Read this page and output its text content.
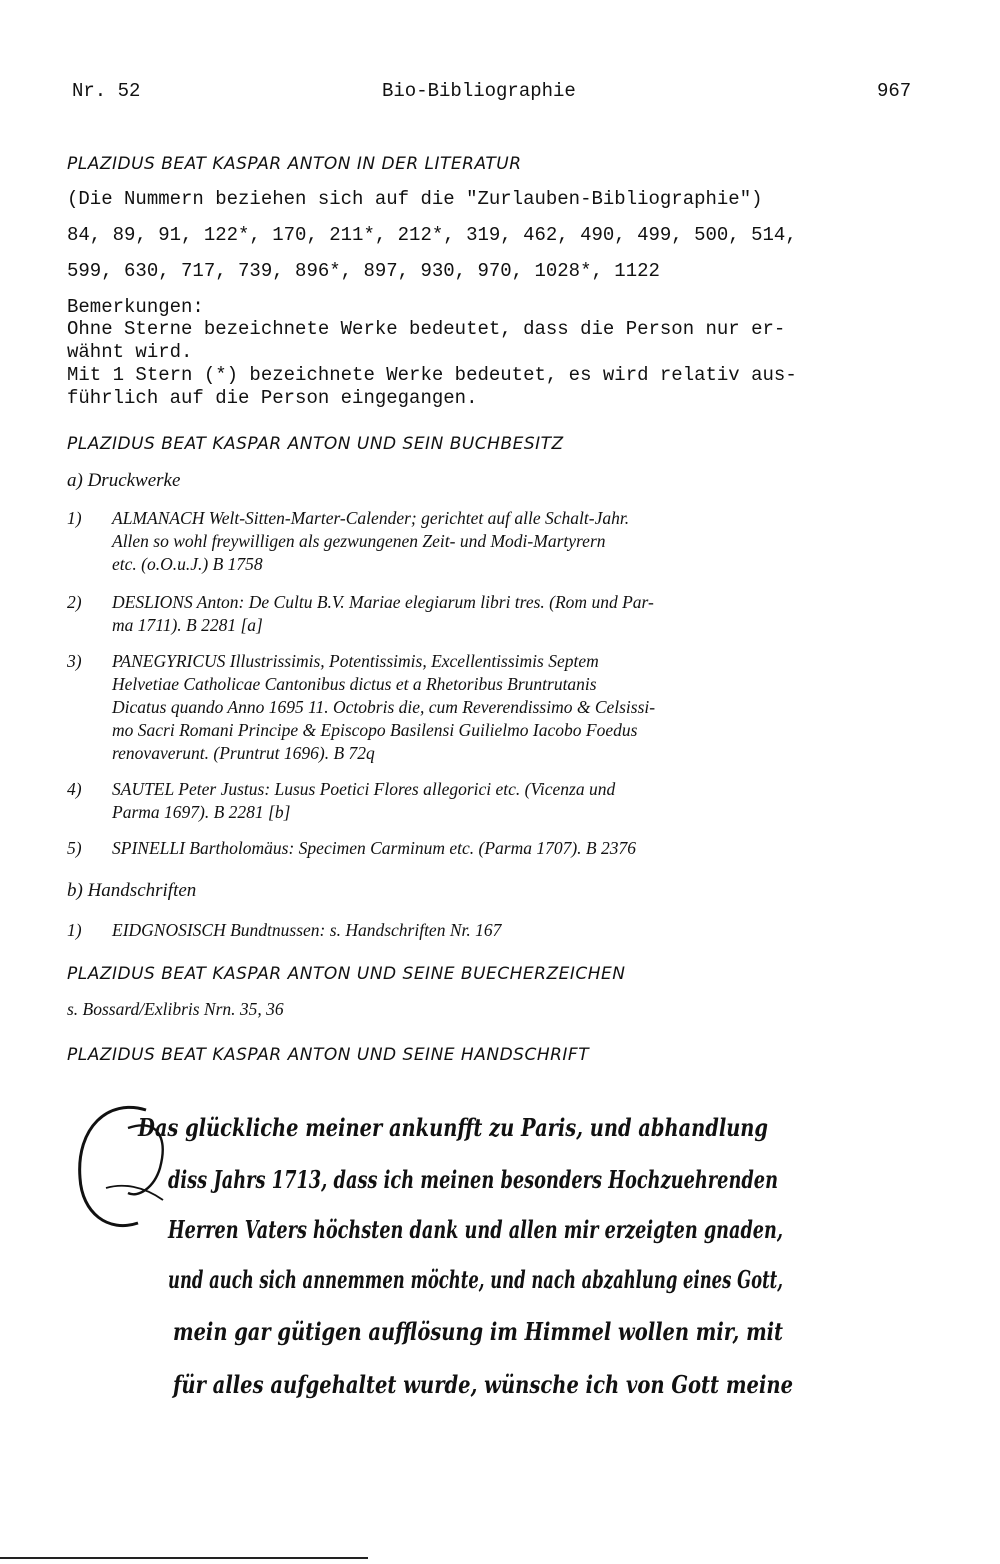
Nr. 52	Bio-Bibliographie	967
PLAZIDUS BEAT KASPAR ANTON IN DER LITERATUR
(Die Nummern beziehen sich auf die "Zurlauben-Bibliographie")
84, 89, 91, 122*, 170, 211*, 212*, 319, 462, 490, 499, 500, 514,
599, 630, 717, 739, 896*, 897, 930, 970, 1028*, 1122
Bemerkungen:
Ohne Sterne bezeichnete Werke bedeutet, dass die Person nur er-
wähnt wird.
Mit 1 Stern (*) bezeichnete Werke bedeutet, es wird relativ aus-
führlich auf die Person eingegangen.
PLAZIDUS BEAT KASPAR ANTON UND SEIN BUCHBESITZ
a) Druckwerke
1) ALMANACH Welt-Sitten-Marter-Calender; gerichtet auf alle Schalt-Jahr.
Allen so wohl freywilligen als gezwungenen Zeit- und Modi-Martyrern
etc. (o.O.u.J.) B 1758
2) DESLIONS Anton: De Cultu B.V. Mariae elegiarum libri tres. (Rom und Par-
ma 1711). B 2281 [a]
3) PANEGYRICUS Illustrissimis, Potentissimis, Excellentissimis Septem
Helvetiae Catholicae Cantonibus dictus et a Rhetoribus Bruntrutanis
Dicatus quando Anno 1695 11. Octobris die, cum Reverendissimo & Celsissi-
mo Sacri Romani Principe & Episcopo Basilensi Guilielmo Iacobo Foedus
renovaverunt. (Pruntrut 1696). B 72q
4) SAUTEL Peter Justus: Lusus Poetici Flores allegorici etc. (Vicenza und
Parma 1697). B 2281 [b]
5) SPINELLI Bartholomäus: Specimen Carminum etc. (Parma 1707). B 2376
b) Handschriften
1) EIDGNOSISCH Bundtnussen: s. Handschriften Nr. 167
PLAZIDUS BEAT KASPAR ANTON UND SEINE BUECHERZEICHEN
s. Bossard/Exlibris Nrn. 35, 36
PLAZIDUS BEAT KASPAR ANTON UND SEINE HANDSCHRIFT
Das glückliche meiner ankunfft zu Paris, und abhandlung
diss Jahrs 1713, dass ich meinen besonders Hochzuehrenden
Herren Vaters höchsten dank und allen mir erzeigten gnaden,
und auch sich annemmen möchte, und nach abzahlung eines Gott,
mein gar gütigen aufflösung im Himmel wollen mir, mit
für alles aufgehaltet wurde, wünsche ich von Gott meine
